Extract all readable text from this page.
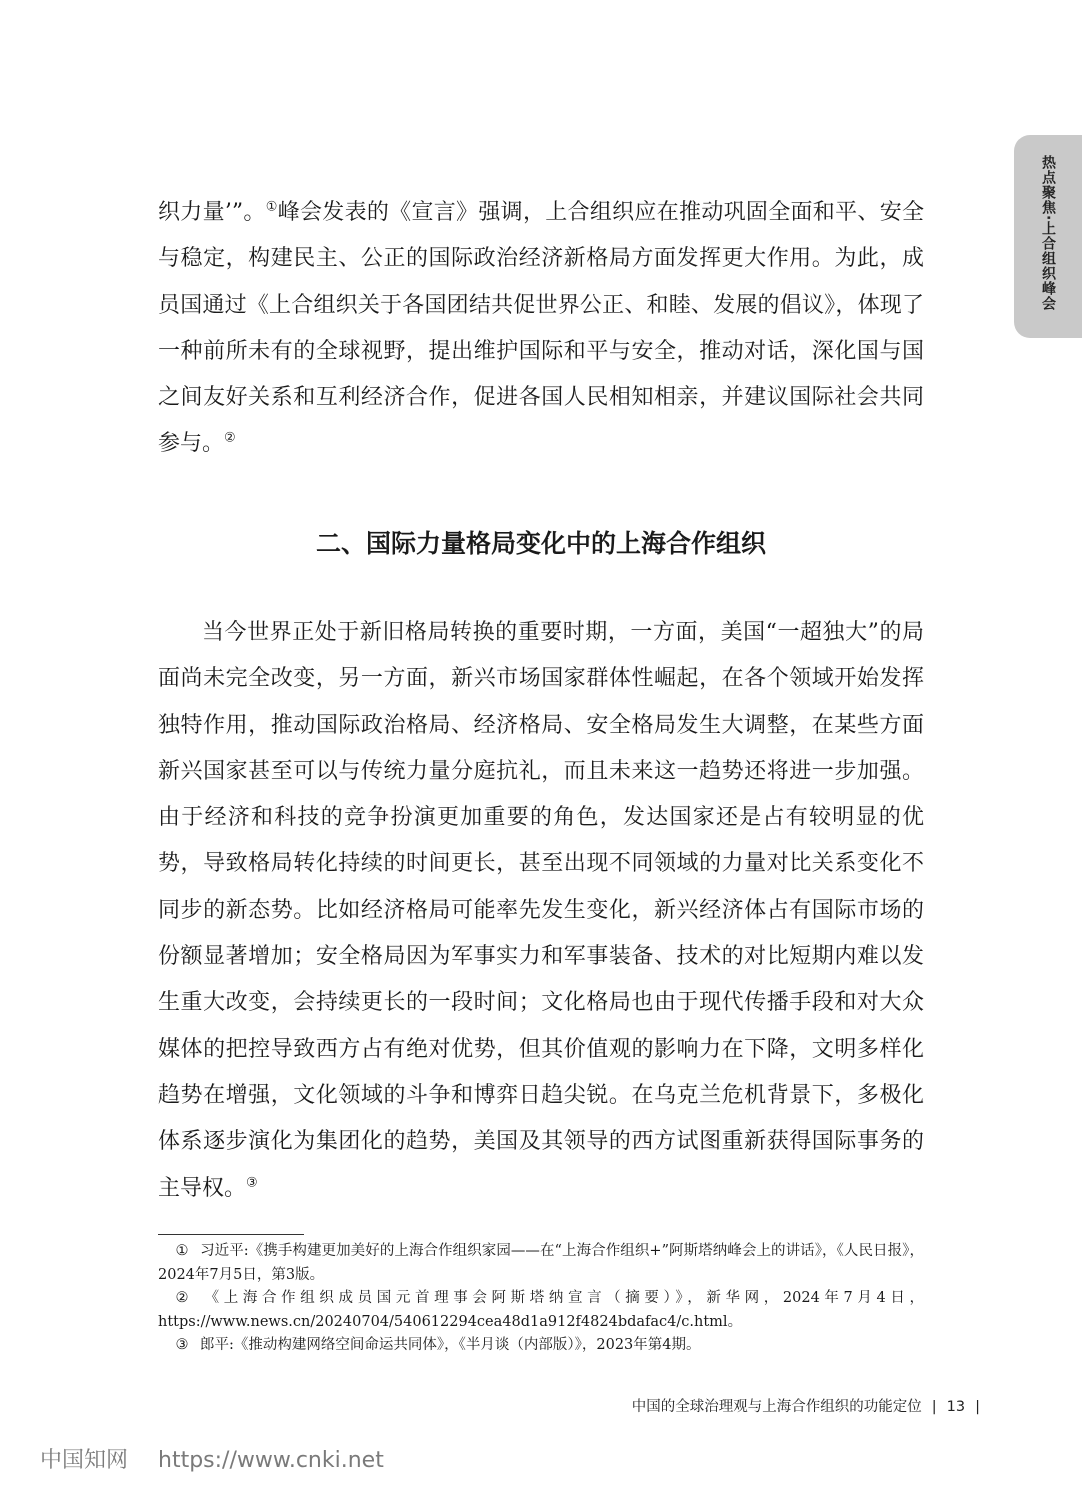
热点聚焦·上合组织峰会

织力量’”。①峰会发表的《宣言》强调，上合组织应在推动巩固全面和平、安全与稳定，构建民主、公正的国际政治经济新格局方面发挥更大作用。为此，成员国通过《上合组织关于各国团结共促世界公正、和睦、发展的倡议》，体现了一种前所未有的全球视野，提出维护国际和平与安全，推动对话，深化国与国之间友好关系和互利经济合作，促进各国人民相知相亲，并建议国际社会共同参与。②

二、国际力量格局变化中的上海合作组织

当今世界正处于新旧格局转换的重要时期，一方面，美国“一超独大”的局面尚未完全改变，另一方面，新兴市场国家群体性崛起，在各个领域开始发挥独特作用，推动国际政治格局、经济格局、安全格局发生大调整，在某些方面新兴国家甚至可以与传统力量分庭抗礼，而且未来这一趋势还将进一步加强。由于经济和科技的竞争扮演更加重要的角色，发达国家还是占有较明显的优势，导致格局转化持续的时间更长，甚至出现不同领域的力量对比关系变化不同步的新态势。比如经济格局可能率先发生变化，新兴经济体占有国际市场的份额显著增加；安全格局因为军事实力和军事装备、技术的对比短期内难以发生重大改变，会持续更长的一段时间；文化格局也由于现代传播手段和对大众媒体的把控导致西方占有绝对优势，但其价值观的影响力在下降，文明多样化趋势在增强，文化领域的斗争和博弈日趋尖锐。在乌克兰危机背景下，多极化体系逐步演化为集团化的趋势，美国及其领导的西方试图重新获得国际事务的主导权。③

① 习近平:《携手构建更加美好的上海合作组织家园——在“上海合作组织+”阿斯塔纳峰会上的讲话》，《人民日报》，2024年7月5日，第3版。

② 《上海合作组织成员国元首理事会阿斯塔纳宣言（摘要）》，新华网，2024年7月4日，https://www.news.cn/20240704/540612294cea48d1a912f4824bdafac4/c.html。

③ 郎平:《推动构建网络空间命运共同体》，《半月谈（内部版）》，2023年第4期。

中国的全球治理观与上海合作组织的功能定位 | 13 |
中国知网 https://www.cnki.net
